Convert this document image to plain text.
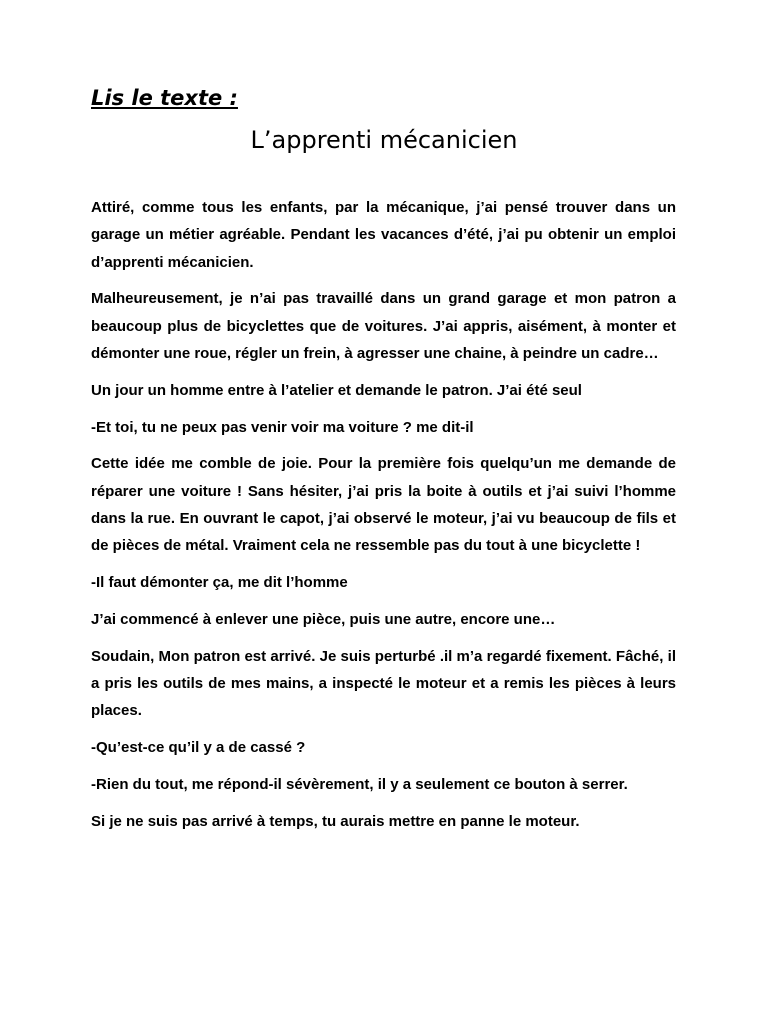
Lis le texte :
L’apprenti mécanicien

Attiré, comme tous les enfants, par la mécanique, j’ai pensé trouver dans un garage un métier agréable. Pendant les vacances d’été, j’ai pu obtenir un emploi d’apprenti mécanicien.

Malheureusement, je n’ai pas travaillé dans un grand garage et mon patron a beaucoup plus de bicyclettes que de voitures. J’ai appris, aisément, à monter et démonter une roue, régler un frein, à agresser une chaine, à peindre un cadre…

Un jour un homme entre à l’atelier et demande le patron. J’ai été seul

-Et toi, tu ne peux pas venir voir ma voiture ? me dit-il

Cette idée me comble de joie. Pour la première fois quelqu’un me demande de réparer une voiture ! Sans hésiter, j’ai pris la boite à outils et j’ai suivi l’homme dans la rue. En ouvrant le capot, j’ai observé le moteur, j’ai vu beaucoup de fils et de pièces de métal. Vraiment cela ne ressemble pas du tout à une bicyclette !

-Il faut démonter ça, me dit l’homme

J’ai commencé à enlever une pièce, puis une autre, encore une…

Soudain, Mon patron est arrivé. Je suis perturbé .il m’a regardé fixement. Fâché, il a pris les outils de mes mains, a inspecté le moteur et a remis les pièces à leurs places.

-Qu’est-ce qu’il y a de cassé ?

-Rien du tout, me répond-il sévèrement, il y a seulement ce bouton à serrer.

Si je ne suis pas arrivé à temps, tu aurais mettre en panne le moteur.
